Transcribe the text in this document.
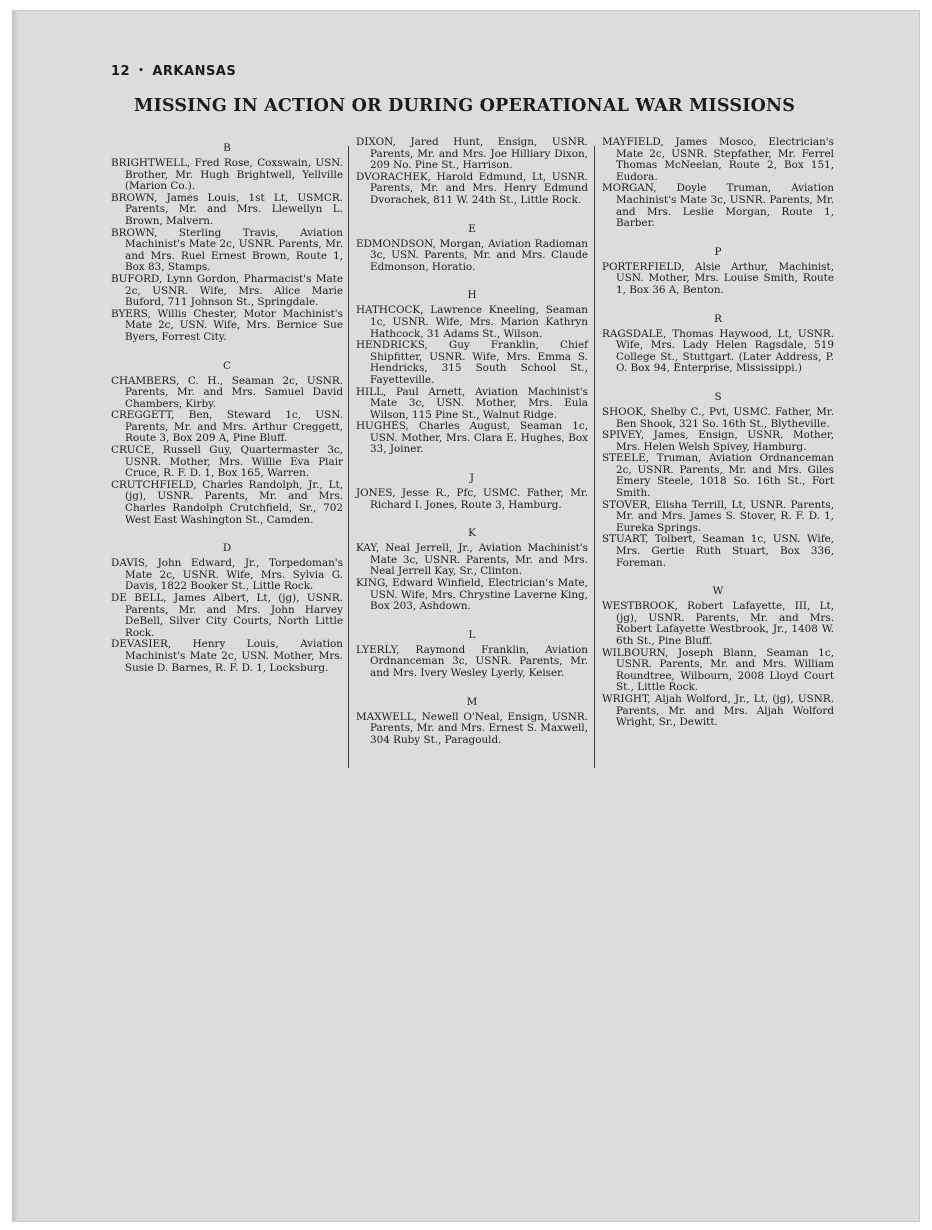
12 • ARKANSAS
MISSING IN ACTION OR DURING OPERATIONAL WAR MISSIONS
B

BRIGHTWELL, Fred Rose, Coxswain, USN. Brother, Mr. Hugh Brightwell, Yellville (Marion Co.).

BROWN, James Louis, 1st Lt, USMCR. Parents, Mr. and Mrs. Llewellyn L. Brown, Malvern.

BROWN, Sterling Travis, Aviation Machinist's Mate 2c, USNR. Parents, Mr. and Mrs. Ruel Ernest Brown, Route 1, Box 83, Stamps.

BUFORD, Lynn Gordon, Pharmacist's Mate 2c, USNR. Wife, Mrs. Alice Marie Buford, 711 Johnson St., Springdale.

BYERS, Willis Chester, Motor Machinist's Mate 2c, USN. Wife, Mrs. Bernice Sue Byers, Forrest City.

C

CHAMBERS, C. H., Seaman 2c, USNR. Parents, Mr. and Mrs. Samuel David Chambers, Kirby.

CREGGETT, Ben, Steward 1c, USN. Parents, Mr. and Mrs. Arthur Creggett, Route 3, Box 209 A, Pine Bluff.

CRUCE, Russell Guy, Quartermaster 3c, USNR. Mother, Mrs. Willie Eva Plair Cruce, R. F. D. 1, Box 165, Warren.

CRUTCHFIELD, Charles Randolph, Jr., Lt, (jg), USNR. Parents, Mr. and Mrs. Charles Randolph Crutchfield, Sr., 702 West East Washington St., Camden.

D

DAVIS, John Edward, Jr., Torpedoman's Mate 2c, USNR. Wife, Mrs. Sylvia G. Davis, 1822 Booker St., Little Rock.

DE BELL, James Albert, Lt, (jg), USNR. Parents, Mr. and Mrs. John Harvey DeBell, Silver City Courts, North Little Rock.

DEVASIER, Henry Louis, Aviation Machinist's Mate 2c, USN. Mother, Mrs. Susie D. Barnes, R. F. D. 1, Locksburg.

DIXON, Jared Hunt, Ensign, USNR. Parents, Mr. and Mrs. Joe Hilliary Dixon, 209 No. Pine St., Harrison.

DVORACHEK, Harold Edmund, Lt, USNR. Parents, Mr. and Mrs. Henry Edmund Dvorachek, 811 W. 24th St., Little Rock.

E

EDMONDSON, Morgan, Aviation Radioman 3c, USN. Parents, Mr. and Mrs. Claude Edmonson, Horatio.

H

HATHCOCK, Lawrence Kneeling, Seaman 1c, USNR. Wife, Mrs. Marion Kathryn Hathcock, 31 Adams St., Wilson.

HENDRICKS, Guy Franklin, Chief Shipfitter, USNR. Wife, Mrs. Emma S. Hendricks, 315 South School St., Fayetteville.

HILL, Paul Arnett, Aviation Machinist's Mate 3c, USN. Mother, Mrs. Eula Wilson, 115 Pine St., Walnut Ridge.

HUGHES, Charles August, Seaman 1c, USN. Mother, Mrs. Clara E. Hughes, Box 33, Joiner.

J

JONES, Jesse R., Pfc, USMC. Father, Mr. Richard I. Jones, Route 3, Hamburg.

K

KAY, Neal Jerrell, Jr., Aviation Machinist's Mate 3c, USNR. Parents, Mr. and Mrs. Neal Jerrell Kay, Sr., Clinton.

KING, Edward Winfield, Electrician's Mate, USN. Wife, Mrs. Chrystine Laverne King, Box 203, Ashdown.

L

LYERLY, Raymond Franklin, Aviation Ordnanceman 3c, USNR. Parents, Mr. and Mrs. Ivery Wesley Lyerly, Keiser.

M

MAXWELL, Newell O'Neal, Ensign, USNR. Parents, Mr. and Mrs. Ernest S. Maxwell, 304 Ruby St., Paragould.

MAYFIELD, James Mosco, Electrician's Mate 2c, USNR. Stepfather, Mr. Ferrel Thomas McNeelan, Route 2, Box 151, Eudora.

MORGAN, Doyle Truman, Aviation Machinist's Mate 3c, USNR. Parents, Mr. and Mrs. Leslie Morgan, Route 1, Barber.

P

PORTERFIELD, Alsie Arthur, Machinist, USN. Mother, Mrs. Louise Smith, Route 1, Box 36 A, Benton.

R

RAGSDALE, Thomas Haywood, Lt, USNR. Wife, Mrs. Lady Helen Ragsdale, 519 College St., Stuttgart. (Later Address, P. O. Box 94, Enterprise, Mississippi.)

S

SHOOK, Shelby C., Pvt, USMC. Father, Mr. Ben Shook, 321 So. 16th St., Blytheville.

SPIVEY, James, Ensign, USNR. Mother, Mrs. Helen Welsh Spivey, Hamburg.

STEELE, Truman, Aviation Ordnanceman 2c, USNR. Parents, Mr. and Mrs. Giles Emery Steele, 1018 So. 16th St., Fort Smith.

STOVER, Elisha Terrill, Lt, USNR. Parents, Mr. and Mrs. James S. Stover, R. F. D. 1, Eureka Springs.

STUART, Tolbert, Seaman 1c, USN. Wife, Mrs. Gertie Ruth Stuart, Box 336, Foreman.

W

WESTBROOK, Robert Lafayette, III, Lt, (jg), USNR. Parents, Mr. and Mrs. Robert Lafayette Westbrook, Jr., 1408 W. 6th St., Pine Bluff.

WILBOURN, Joseph Blann, Seaman 1c, USNR. Parents, Mr. and Mrs. William Roundtree, Wilbourn, 2008 Lloyd Court St., Little Rock.

WRIGHT, Aljah Wolford, Jr., Lt, (jg), USNR. Parents, Mr. and Mrs. Aljah Wolford Wright, Sr., Dewitt.
